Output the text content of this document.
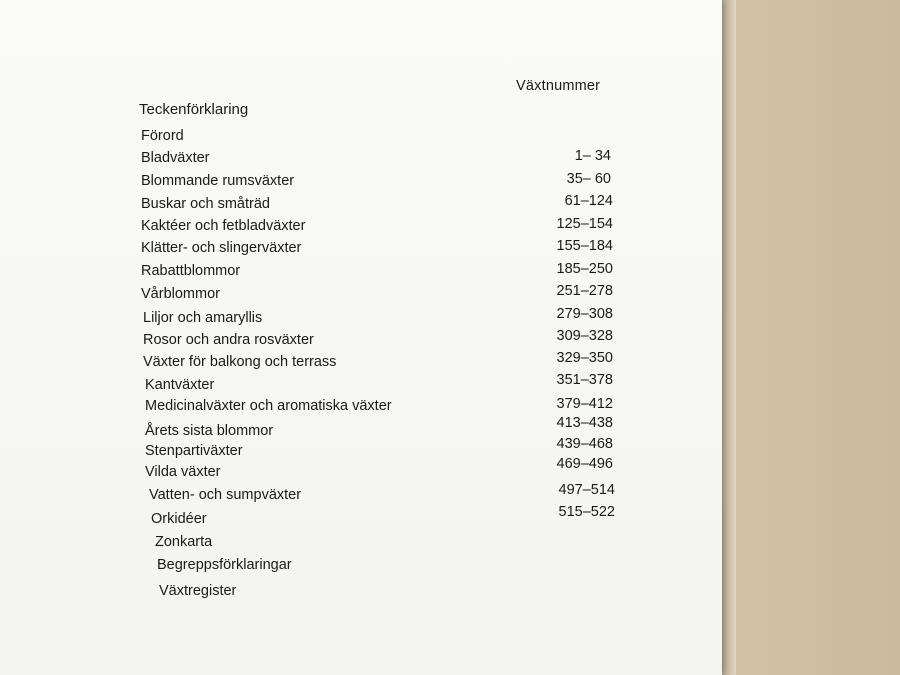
Växtnummer
Teckenförklaring
Förord
Bladväxter	1– 34
Blommande rumsväxter	35– 60
Buskar och småträd	61–124
Kaktéer och fetbladväxter	125–154
Klätter- och slingerväxter	155–184
Rabattblommor	185–250
Vårblommor	251–278
Liljor och amaryllis	279–308
Rosor och andra rosväxter	309–328
Växter för balkong och terrass	329–350
Kantväxter	351–378
Medicinalväxter och aromatiska växter	379–412
Årets sista blommor	413–438
Stenpartiväxter	439–468
Vilda växter	469–496
Vatten- och sumpväxter	497–514
Orkidéer	515–522
Zonkarta
Begreppsförklaringar
Växtregister
